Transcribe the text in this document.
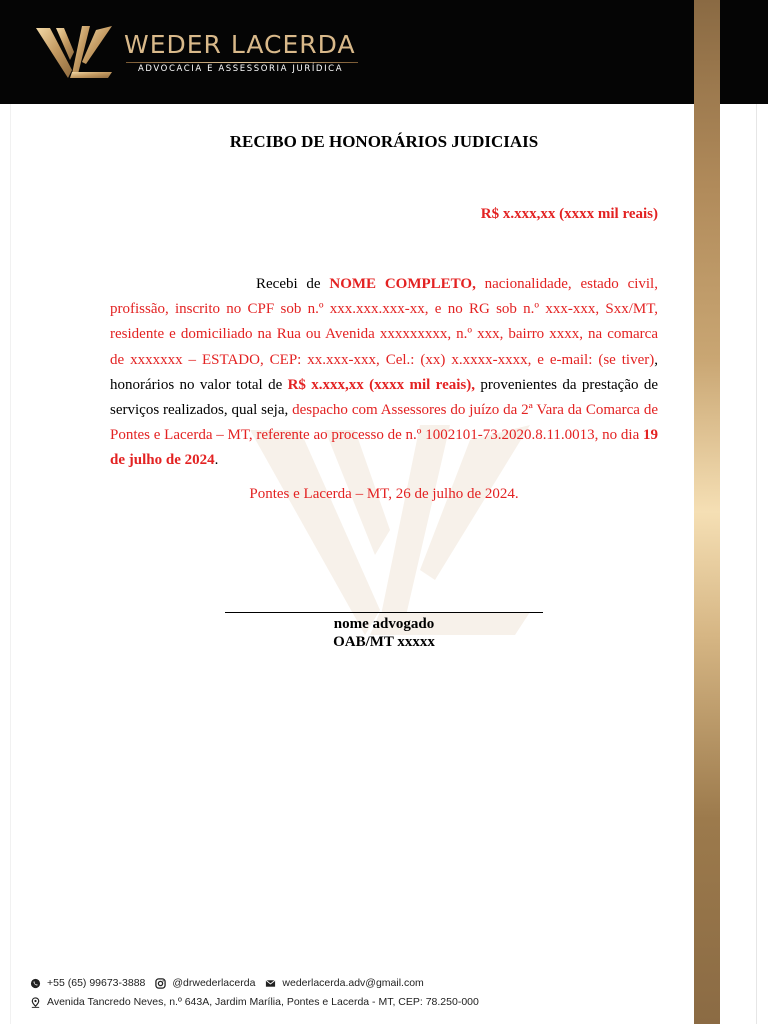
WEDER LACERDA
ADVOCACIA E ASSESSORIA JURÍDICA
RECIBO DE HONORÁRIOS JUDICIAIS
R$ x.xxx,xx (xxxx mil reais)
Recebi de NOME COMPLETO, nacionalidade, estado civil, profissão, inscrito no CPF sob n.º xxx.xxx.xxx-xx, e no RG sob n.º xxx-xxx, Sxx/MT, residente e domiciliado na Rua ou Avenida xxxxxxxxx, n.º xxx, bairro xxxx, na comarca de xxxxxxx – ESTADO, CEP: xx.xxx-xxx, Cel.: (xx) x.xxxx-xxxx, e e-mail: (se tiver), honorários no valor total de R$ x.xxx,xx (xxxx mil reais), provenientes da prestação de serviços realizados, qual seja, despacho com Assessores do juízo da 2ª Vara da Comarca de Pontes e Lacerda – MT, referente ao processo de n.º 1002101-73.2020.8.11.0013, no dia 19 de julho de 2024.
Pontes e Lacerda – MT, 26 de julho de 2024.
nome advogado
OAB/MT xxxxx
+55 (65) 99673-3888	@drwederlacerda	wederlacerda.adv@gmail.com
Avenida Tancredo Neves, n.º 643A, Jardim Marília, Pontes e Lacerda - MT, CEP: 78.250-000
